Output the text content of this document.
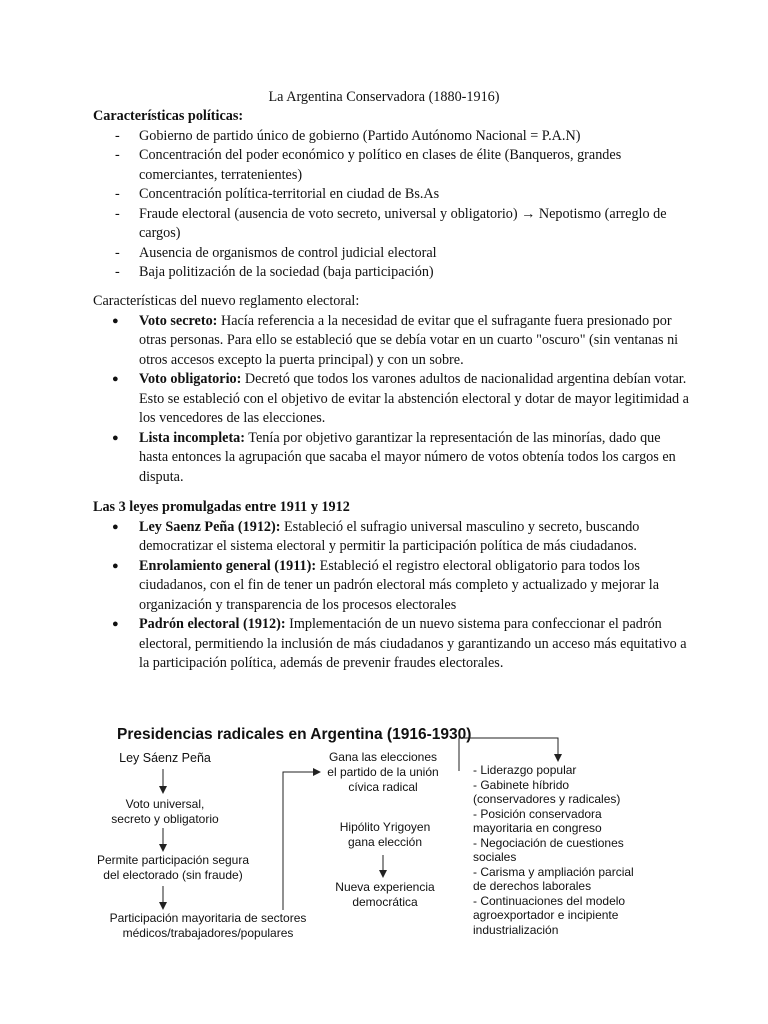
La Argentina Conservadora (1880-1916)
Características políticas:
- Gobierno de partido único de gobierno (Partido Autónomo Nacional = P.A.N)
- Concentración del poder económico y político en clases de élite (Banqueros, grandes comerciantes, terratenientes)
- Concentración política-territorial en ciudad de Bs.As
- Fraude electoral (ausencia de voto secreto, universal y obligatorio) → Nepotismo (arreglo de cargos)
- Ausencia de organismos de control judicial electoral
- Baja politización de la sociedad (baja participación)
Características del nuevo reglamento electoral:
● Voto secreto: Hacía referencia a la necesidad de evitar que el sufragante fuera presionado por otras personas. Para ello se estableció que se debía votar en un cuarto "oscuro" (sin ventanas ni otros accesos excepto la puerta principal) y con un sobre.
● Voto obligatorio: Decretó que todos los varones adultos de nacionalidad argentina debían votar. Esto se estableció con el objetivo de evitar la abstención electoral y dotar de mayor legitimidad a los vencedores de las elecciones.
● Lista incompleta: Tenía por objetivo garantizar la representación de las minorías, dado que hasta entonces la agrupación que sacaba el mayor número de votos obtenía todos los cargos en disputa.
Las 3 leyes promulgadas entre 1911 y 1912
● Ley Saenz Peña (1912): Estableció el sufragio universal masculino y secreto, buscando democratizar el sistema electoral y permitir la participación política de más ciudadanos.
● Enrolamiento general (1911): Estableció el registro electoral obligatorio para todos los ciudadanos, con el fin de tener un padrón electoral más completo y actualizado y mejorar la organización y transparencia de los procesos electorales
● Padrón electoral (1912): Implementación de un nuevo sistema para confeccionar el padrón electoral, permitiendo la inclusión de más ciudadanos y garantizando un acceso más equitativo a la participación política, además de prevenir fraudes electorales.
Presidencias radicales en Argentina (1916-1930)
Ley Sáenz Peña
Voto universal,
secreto y obligatorio
Permite participación segura
del electorado (sin fraude)
Participación mayoritaria de sectores
médicos/trabajadores/populares
Gana las elecciones
el partido de la unión
cívica radical
Hipólito Yrigoyen
gana elección
Nueva experiencia
democrática
- Liderazgo popular
- Gabinete híbrido
(conservadores y radicales)
- Posición conservadora
mayoritaria en congreso
- Negociación de cuestiones
sociales
- Carisma y ampliación parcial
de derechos laborales
- Continuaciones del modelo
agroexportador e incipiente
industrialización
